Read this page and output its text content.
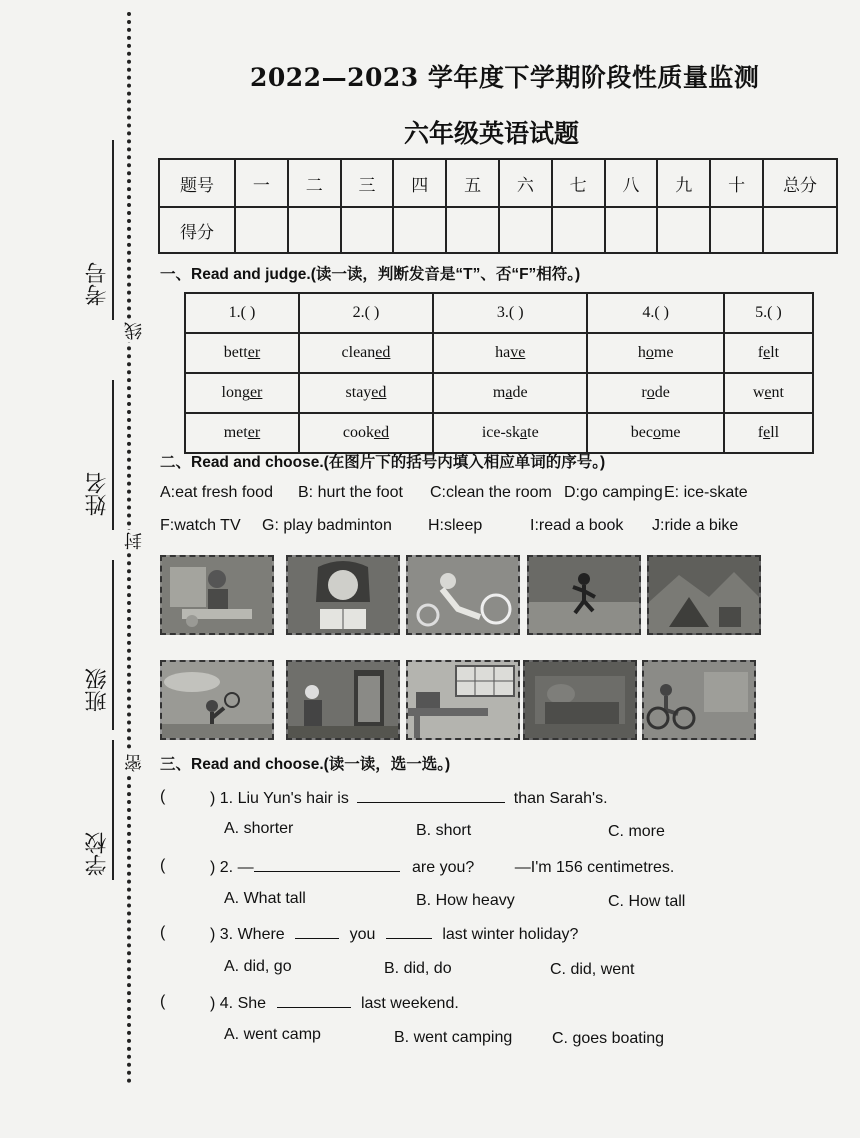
考号
姓名
班级
学校
线
封
密
2022—2023 学年度下学期阶段性质量监测
六年级英语试题
题号	一	二	三	四	五	六	七	八	九	十	总分
得分											
一、Read and judge.(读一读，判断发音是“T”、否“F”相符。)
1.( )	2.( )	3.( )	4.( )	5.( )
better	cleaned	have	home	felt
longer	stayed	made	rode	went
meter	cooked	ice-skate	become	fell
二、Read and choose.(在图片下的括号内填入相应单词的序号。)
A:eat fresh food B: hurt the foot C:clean the room D:go camping E: ice-skate
F:watch TV G: play badminton H:sleep	I:read a book J:ride a bike
三、Read and choose.(读一读，选一选。)
(	) 1. Liu Yun's hair is	than Sarah's.
A. shorter	B. short	C. more
(	) 2. —	are you?	—I'm 156 centimetres.
A. What tall	B. How heavy	C. How tall
(	) 3. Where	you	last winter holiday?
A. did, go	B. did, do	C. did, went
(	) 4. She	last weekend.
A. went camp	B. went camping C. goes boating
